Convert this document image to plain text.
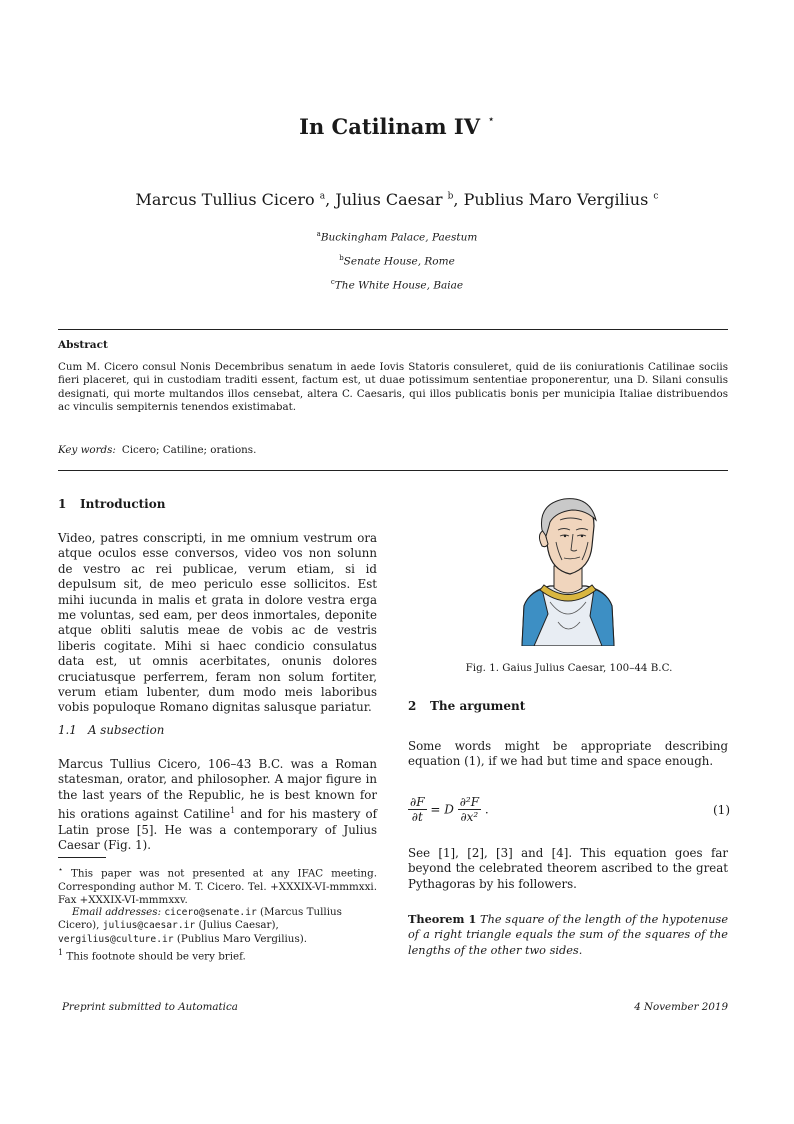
In Catilinam IV ⋆
Marcus Tullius Cicero $^a$, Julius Caesar $^b$, Publius Maro Vergilius $^c$
$^a$Buckingham Palace, Paestum
$^b$Senate House, Rome
$^c$The White House, Baiae
Abstract
Cum M. Cicero consul Nonis Decembribus senatum in aede Iovis Statoris consuleret, quid de iis coniurationis Catilinae sociis fieri placeret, qui in custodiam traditi essent, factum est, ut duae potissimum sententiae proponerentur, una D. Silani consulis designati, qui morte multandos illos censebat, altera C. Caesaris, qui illos publicatis bonis per municipia Italiae distribuendos ac vinculis sempiternis tenendos existimabat.
Key words: Cicero; Catiline; orations.
1 Introduction
Video, patres conscripti, in me omnium vestrum ora atque oculos esse conversos, video vos non solunn de vestro ac rei publicae, verum etiam, si id depulsum sit, de meo periculo esse sollicitos. Est mihi iucunda in malis et grata in dolore vestra erga me voluntas, sed eam, per deos inmortales, deponite atque obliti salutis meae de vobis ac de vestris liberis cogitate. Mihi si haec condicio consulatus data est, ut omnis acerbitates, onunis dolores cruciatusque perferrem, feram non solum fortiter, verum etiam lubenter, dum modo meis laboribus vobis populoque Romano dignitas salusque pariatur.
1.1 A subsection
Marcus Tullius Cicero, 106–43 B.C. was a Roman statesman, orator, and philosopher. A major figure in the last years of the Republic, he is best known for his orations against Catiline$^1$ and for his mastery of Latin prose [5]. He was a contemporary of Julius Caesar (Fig. 1).
⋆ This paper was not presented at any IFAC meeting. Corresponding author M. T. Cicero. Tel. +XXXIX-VI-mmmxxi. Fax +XXXIX-VI-mmmxxv.
Email addresses: cicero@senate.ir (Marcus Tullius Cicero), julius@caesar.ir (Julius Caesar),
vergilius@culture.ir (Publius Maro Vergilius).
$^1$ This footnote should be very brief.
Fig. 1. Gaius Julius Caesar, 100–44 B.C.
2 The argument
Some words might be appropriate describing equation (1), if we had but time and space enough.
$\frac{\partial F}{\partial t} = D \frac{\text{∂²F}}{\text{∂x²}}$ .	(1)
See [1], [2], [3] and [4]. This equation goes far beyond the celebrated theorem ascribed to the great Pythagoras by his followers.
Theorem 1 The square of the length of the hypotenuse of a right triangle equals the sum of the squares of the lengths of the other two sides.
Preprint submitted to Automatica	4 November 2019
